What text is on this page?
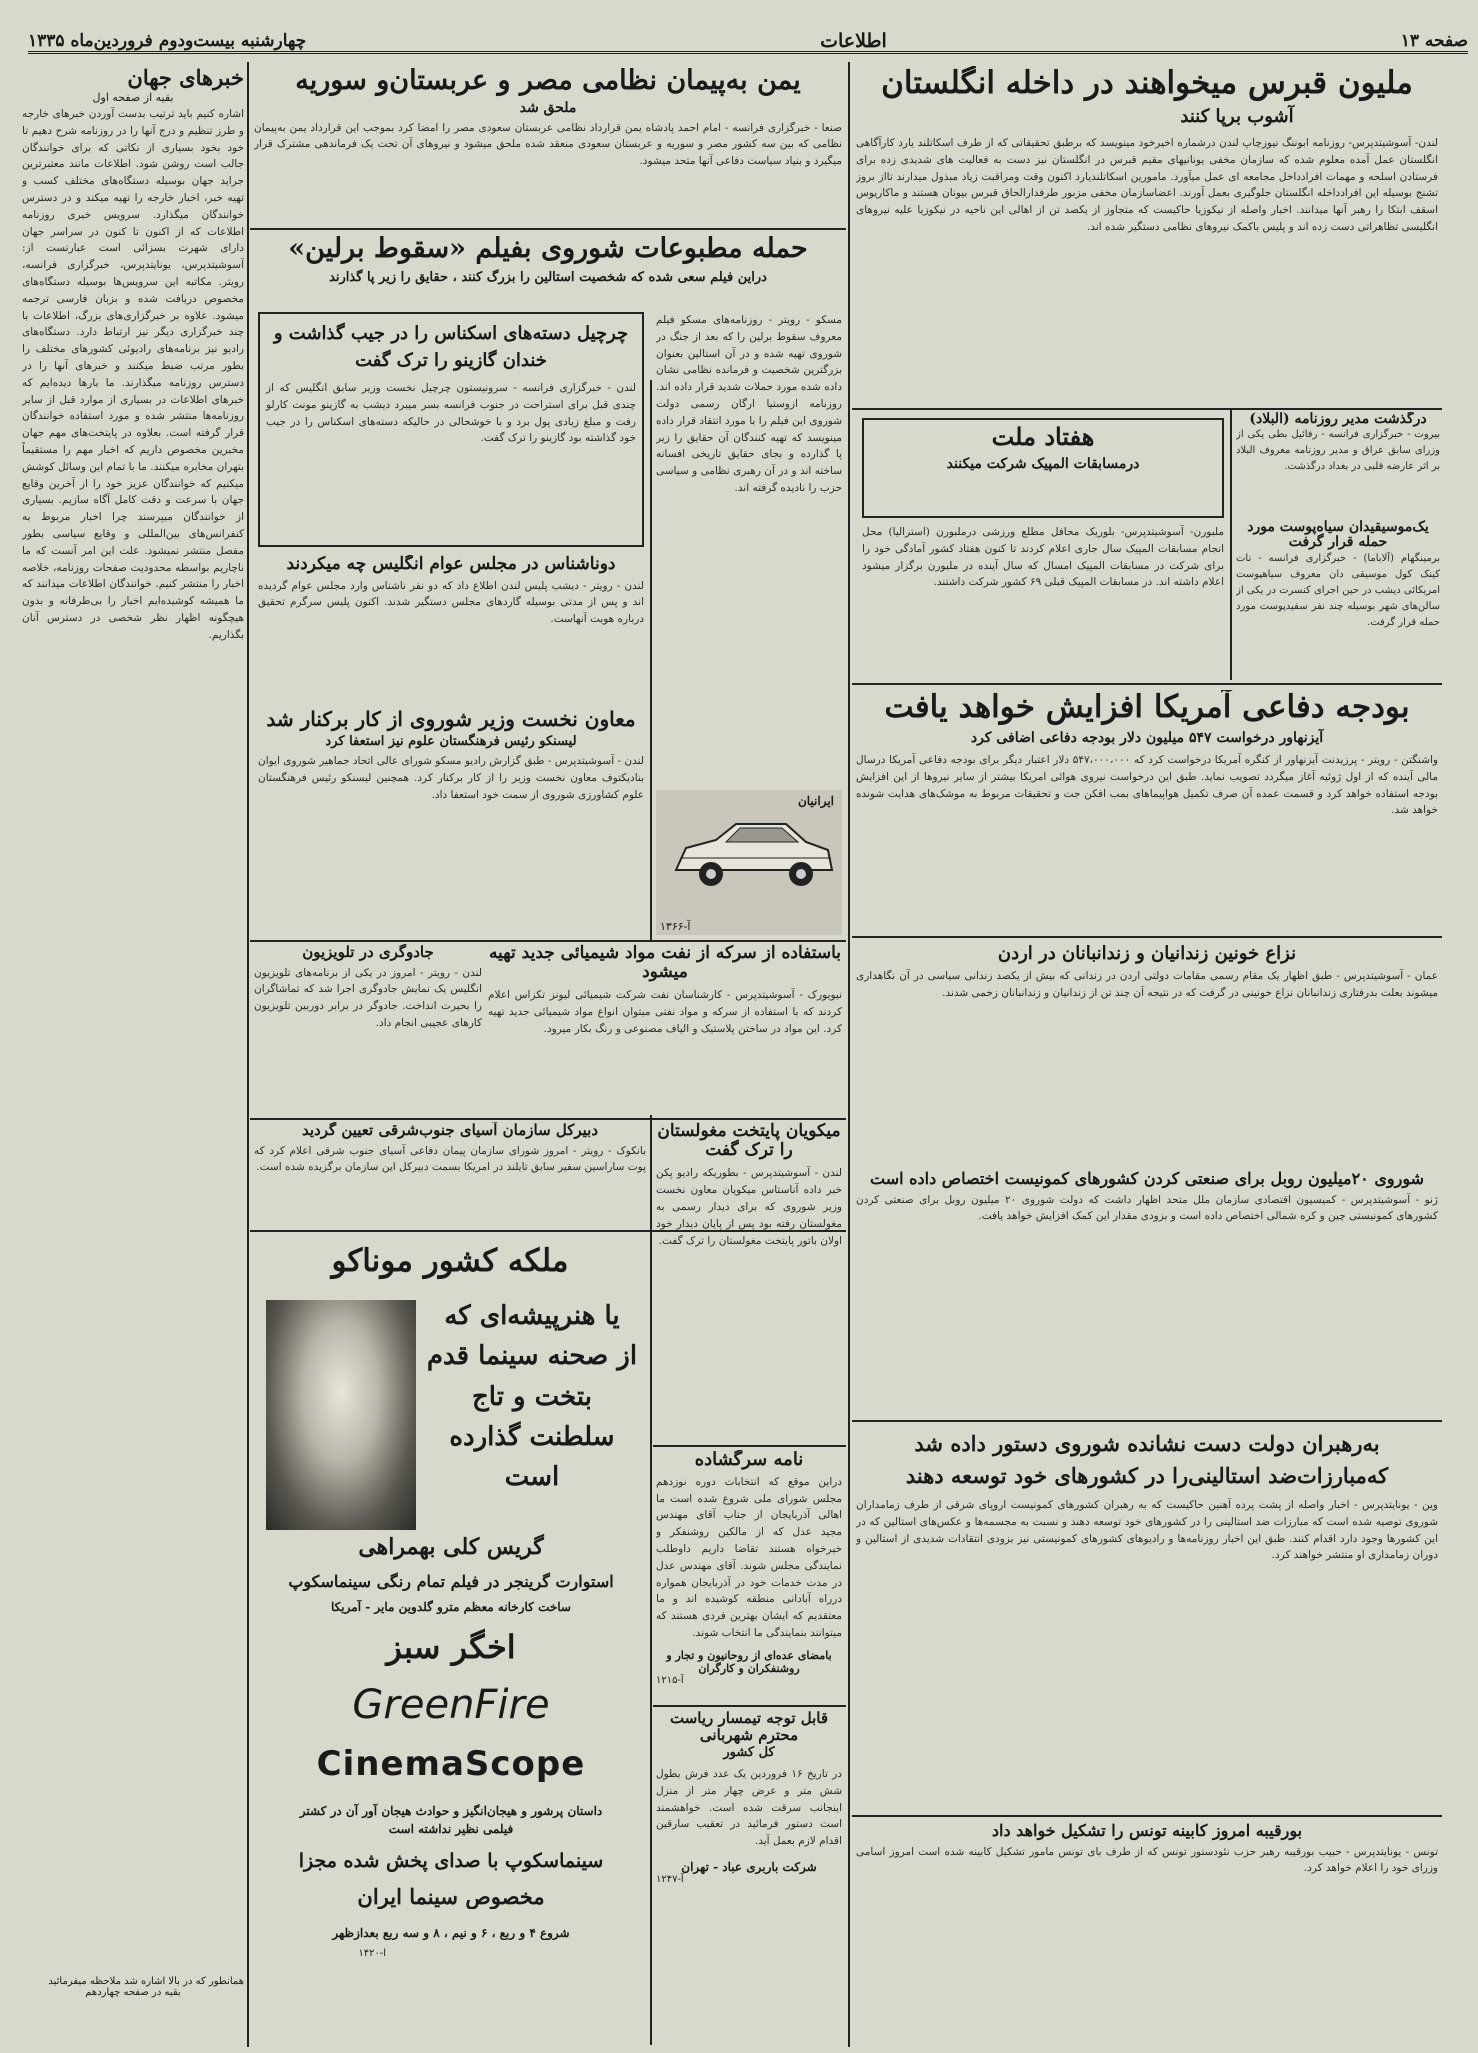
صفحه ۱۳
اطلاعات
چهارشنبه بیست‌ودوم فروردین‌ماه ۱۳۳۵
ملیون قبرس میخواهند در داخله انگلستان
آشوب برپا کنند
لندن- آسوشیتدپرس- روزنامه ابوننگ نیوزچاپ لندن درشماره اخیرخود مینویسد که برطبق تحقیقاتی که از طرف اسکاتلند یارد کارآگاهی انگلستان عمل آمده معلوم شده که سازمان مخفی یونانیهای مقیم قبرس در انگلستان نیز دست به فعالیت های شدیدی زده برای فرستادن اسلحه و مهمات افرادداخل مجامعه ای عمل میآورد. مامورین اسکاتلندیارد اکنون وقت ومراقبت زیاد مبذول میدارند تااز بروز تشنج بوسیله این افرادداخله انگلستان جلوگیری بعمل آورند. اعضاسازمان مخفی مزبور طرفدارالحاق قبرس بیونان هستند و ماکاریوس اسقف ابتکا را رهبر آنها میدانند. اخبار واصله از نیکوزیا حاکیست که متجاوز از یکصد تن از اهالی این ناحیه در نیکوزیا علیه نیروهای انگلیسی تظاهراتی دست زده اند و پلیس باکمک نیروهای نظامی دستگیر شده اند.
هفتاد ملت
درمسابقات المپیک شرکت میکنند
ملبورن- آسوشیتدپرس- بلوریک محافل مطلع ورزشی درملبورن (استرالیا) محل انجام مسابقات المپیک سال جاری اعلام کردند تا کنون هفتاد کشور آمادگی خود را برای شرکت در مسابقات المپیک امسال که سال آینده در ملبورن برگزار میشود اعلام داشته اند. در مسابقات المپیک قبلی ۶۹ کشور شرکت داشتند.
درگذشت مدیر روزنامه (البلاد)
بیروت - خبرگزاری فرانسه - رفائیل بطی یکی از وزرای سابق عراق و مدیر روزنامه معروف البلاد بر اثر عارضه قلبی در بغداد درگذشت.
یک‌موسیقیدان سیاه‌پوست مورد حمله قرار گرفت
برمینگهام (آلاباما) - خبرگزاری فرانسه - نات کینک کول موسیقی دان معروف سیاهپوست امریکائی دیشب در حین اجرای کنسرت در یکی از سالن‌های شهر بوسیله چند نفر سفیدپوست مورد حمله قرار گرفت.
بودجه دفاعی آمریکا افزایش خواهد یافت
آیزنهاور درخواست ۵۴۷ میلیون دلار بودجه دفاعی اضافی کرد
واشنگتن - رویتر - پرزیدنت آیزنهاور از کنگره آمریکا درخواست کرد که ۵۴۷،۰۰۰،۰۰۰ دلار اعتبار دیگر برای بودجه دفاعی آمریکا درسال مالی آینده که از اول ژوئیه آغاز میگردد تصویب نماید. طبق این درخواست نیروی هوائی امریکا بیشتر از سایر نیروها از این افزایش بودجه استفاده خواهد کرد و قسمت عمده آن صرف تکمیل هواپیماهای بمب افکن جت و تحقیقات مربوط به موشک‌های هدایت شونده خواهد شد.
نزاع خونین زندانیان و زندانبانان در اردن
عمان - آسوشیتدپرس - طبق اظهار یک مقام رسمی مقامات دولتی اردن در زندانی که بیش از یکصد زندانی سیاسی در آن نگاهداری میشوند بعلت بدرفتاری زندانبانان نزاع خونینی در گرفت که در نتیجه آن چند تن از زندانیان و زندانبانان زخمی شدند.
شوروی ۲۰میلیون روبل برای صنعتی کردن کشورهای کمونیست اختصاص داده است
ژنو - آسوشیتدپرس - کمیسیون اقتصادی سازمان ملل متحد اظهار داشت که دولت شوروی ۲۰ میلیون روبل برای صنعتی کردن کشورهای کمونیستی چین و کره شمالی اختصاص داده است و بزودی مقدار این کمک افزایش خواهد یافت.
به‌رهبران دولت‌ دست‌ نشانده‌ شوروی‌ دستور داده شد که‌مبارزات‌ضد استالینی‌را در کشورهای خود توسعه دهند
وین - یونایتدپرس - اخبار واصله از پشت پرده آهنین حاکیست که به رهبران کشورهای کمونیست اروپای شرقی از طرف زمامداران شوروی توصیه شده است که مبارزات ضد استالینی را در کشورهای خود توسعه دهند و نسبت به مجسمه‌ها و عکس‌های استالین که در این کشورها وجود دارد اقدام کنند. طبق این اخبار روزنامه‌ها و رادیوهای کشورهای کمونیستی نیز بزودی انتقادات شدیدی از استالین و دوران زمامداری او منتشر خواهند کرد.
بورقیبه امروز کابینه تونس را تشکیل خواهد داد
تونس - یونایتدپرس - حبیب بورقیبه رهبر حزب نئودستور تونس که از طرف بای تونس مامور تشکیل کابینه شده است امروز اسامی وزرای خود را اعلام خواهد کرد.
یمن به‌پیمان نظامی مصر و عربستان‌و سوریه
ملحق شد
صنعا - خبرگزاری فرانسه - امام احمد پادشاه یمن قرارداد نظامی عربستان سعودی مصر را امضا کرد بموجب این قرارداد یمن به‌پیمان نظامی که بین سه کشور مصر و سوریه و عربستان سعودی منعقد شده ملحق میشود و نیروهای آن تحت یک فرماندهی مشترک قرار میگیرد و بنیاد سیاست دفاعی آنها متحد میشود.
حمله مطبوعات شوروی بفیلم «سقوط برلین»
دراین فیلم سعی شده که شخصیت استالین را بزرگ کنند ، حقایق را زیر پا گذارند
مسکو - رویتر - روزنامه‌های مسکو فیلم معروف سقوط برلین را که بعد از جنگ در شوروی تهیه شده و در آن استالین بعنوان بزرگترین شخصیت و فرمانده نظامی نشان داده شده مورد حملات شدید قرار داده اند. روزنامه ازوستیا ارگان رسمی دولت شوروی این فیلم را با مورد انتقاد قرار داده مینویسد که تهیه کنندگان آن حقایق را زیر پا گذارده و بجای حقایق تاریخی افسانه ساخته اند و در آن رهبری نظامی و سیاسی حزب را نادیده گرفته اند.
چرچیل دسته‌های اسکناس را در جیب گذاشت و خندان گازینو را ترک گفت
لندن - خبرگزاری فرانسه - سرونیستون چرچیل نخست وزیر سابق انگلیس که از چندی قبل برای استراحت در جنوب فرانسه بسر میبرد دیشب به گازینو مونت کارلو رفت و مبلغ زیادی پول برد و با خوشحالی در حالیکه دسته‌های اسکناس را در جیب خود گذاشته بود گازینو را ترک گفت.
دوناشناس در مجلس عوام انگلیس چه میکردند
لندن - رویتر - دیشب پلیس لندن اطلاع داد که دو نفر ناشناس وارد مجلس عوام گردیده اند و پس از مدتی بوسیله گاردهای مجلس دستگیر شدند. اکنون پلیس سرگرم تحقیق درباره هویت آنهاست.
معاون نخست وزیر شوروی از کار برکنار شد
لیسنکو رئیس فرهنگستان علوم نیز استعفا کرد
لندن - آسوشیتدپرس - طبق گزارش رادیو مسکو شورای عالی اتحاد جماهیر شوروی ایوان بنادیکتوف معاون نخست وزیر را از کار برکنار کرد. همچنین لیسنکو رئیس فرهنگستان علوم کشاورزی شوروی از سمت خود استعفا داد.	ایرانیان
آ-۱۳۶۶
باستفاده از سرکه از نفت مواد شیمیائی جدید تهیه میشود
نیویورک - آسوشیتدپرس - کارشناسان نفت شرکت شیمیائی لیونز تکزاس اعلام کردند که با استفاده از سرکه و مواد نفتی میتوان انواع مواد شیمیائی جدید تهیه کرد. این مواد در ساختن پلاستیک و الیاف مصنوعی و رنگ بکار میرود.
جادوگری در تلویزیون
لندن - رویتر - امروز در یکی از برنامه‌های تلویزیون انگلیس یک نمایش جادوگری اجرا شد که تماشاگران را بحیرت انداخت. جادوگر در برابر دوربین تلویزیون کارهای عجیبی انجام داد.
دبیرکل سازمان آسیای جنوب‌شرقی تعیین گردید
بانکوک - رویتر - امروز شورای سازمان پیمان دفاعی آسیای جنوب شرقی اعلام کرد که پوت ساراسین سفیر سابق تایلند در امریکا بسمت دبیرکل این سازمان برگزیده شده است.
میکویان پایتخت مغولستان را ترک گفت
لندن - آسوشیتدپرس - بطوریکه رادیو پکن خبر داده آناستاس میکویان معاون نخست وزیر شوروی که برای دیدار رسمی به مغولستان رفته بود پس از پایان دیدار خود اولان باتور پایتخت مغولستان را ترک گفت.
نامه سرگشاده
دراین موقع که انتخابات دوره نوزدهم مجلس شورای ملی شروع شده است ما اهالی آذربایجان از جناب آقای مهندس مجید عدل که از مالکین روشنفکر و خیرخواه هستند تقاضا داریم داوطلب نمایندگی مجلس شوند. آقای مهندس عدل در مدت خدمات خود در آذربایجان همواره درراه آبادانی منطقه کوشیده اند و ما معتقدیم که ایشان بهترین فردی هستند که میتوانند بنمایندگی ما انتخاب شوند.
بامضای عده‌ای از روحانیون و تجار و روشنفکران و کارگران
آ-۱۲۱۵
قابل توجه تیمسار ریاست محترم شهربانی
کل کشور
در تاریخ ۱۶ فروردین یک عدد فرش بطول شش متر و عرض چهار متر از منزل اینجانب سرقت شده است. خواهشمند است دستور فرمائید در تعقیب سارقین اقدام لازم بعمل آید.
شرکت باربری عباد - تهران
آ-۱۲۴۷
ملکه کشور موناکو
یا هنرپیشه‌ای که
از صحنه سینما قدم
بتخت و تاج
سلطنت گذارده
است
گریس کلی بهمراهی
استوارت گرینجر در فیلم تمام رنگی سینماسکوپ
ساخت کارخانه معظم مترو گلدوین مایر - آمریکا
اخگر سبز
GreenFire
CinemaScope
داستان پرشور و هیجان‌انگیز و حوادث هیجان آور آن در کشتر فیلمی نظیر نداشته است
سینماسکوپ با صدای پخش شده مجزا
مخصوص سینما ایران
شروع ۴ و ربع ، ۶ و نیم ، ۸ و سه ربع بعدازظهر
آ-۱۴۲۰
خبرهای جهان
بقیه از صفحه اول
اشاره کنیم باید ترتیب بدست آوردن خبرهای خارجه و طرز تنظیم و درج آنها را در روزنامه شرح دهیم تا خود بخود بسیاری از نکاتی که برای خوانندگان جالب است روشن شود. اطلاعات مانند معتبرترین جراید جهان بوسیله دستگاه‌های مختلف کسب و تهیه خبر، اخبار خارجه را تهیه میکند و در دسترس خوانندگان میگذارد. سرویس خبری روزنامه اطلاعات که از اکنون تا کنون در سراسر جهان دارای شهرت بسزائی است عبارتست از: آسوشیتدپرس، یونایتدپرس، خبرگزاری فرانسه، رویتر. مکاتبه این سرویس‌ها بوسیله دستگاه‌های مخصوص دریافت شده و بزبان فارسی ترجمه میشود. علاوه بر خبرگزاری‌های بزرگ، اطلاعات با چند خبرگزاری دیگر نیز ارتباط دارد. دستگاه‌های رادیو نیز برنامه‌های رادیوئی کشورهای مختلف را بطور مرتب ضبط میکنند و خبرهای آنها را در دسترس روزنامه میگذارند. ما بارها دیده‌ایم که خبرهای اطلاعات در بسیاری از موارد قبل از سایر روزنامه‌ها منتشر شده و مورد استفاده خوانندگان قرار گرفته است. بعلاوه در پایتخت‌های مهم جهان مخبرین مخصوص داریم که اخبار مهم را مستقیماً بتهران مخابره میکنند. ما با تمام این وسائل کوشش میکنیم که خوانندگان عزیز خود را از آخرین وقایع جهان با سرعت و دقت کامل آگاه سازیم. بسیاری از خوانندگان میپرسند چرا اخبار مربوط به کنفرانس‌های بین‌المللی و وقایع سیاسی بطور مفصل منتشر نمیشود. علت این امر آنست که ما ناچاریم بواسطه محدودیت صفحات روزنامه، خلاصه اخبار را منتشر کنیم. خوانندگان اطلاعات میدانند که ما همیشه کوشیده‌ایم اخبار را بی‌طرفانه و بدون هیچگونه اظهار نظر شخصی در دسترس آنان بگذاریم.
همانطور که در بالا اشاره شد ملاحظه میفرمائید
بقیه در صفحه چهاردهم
